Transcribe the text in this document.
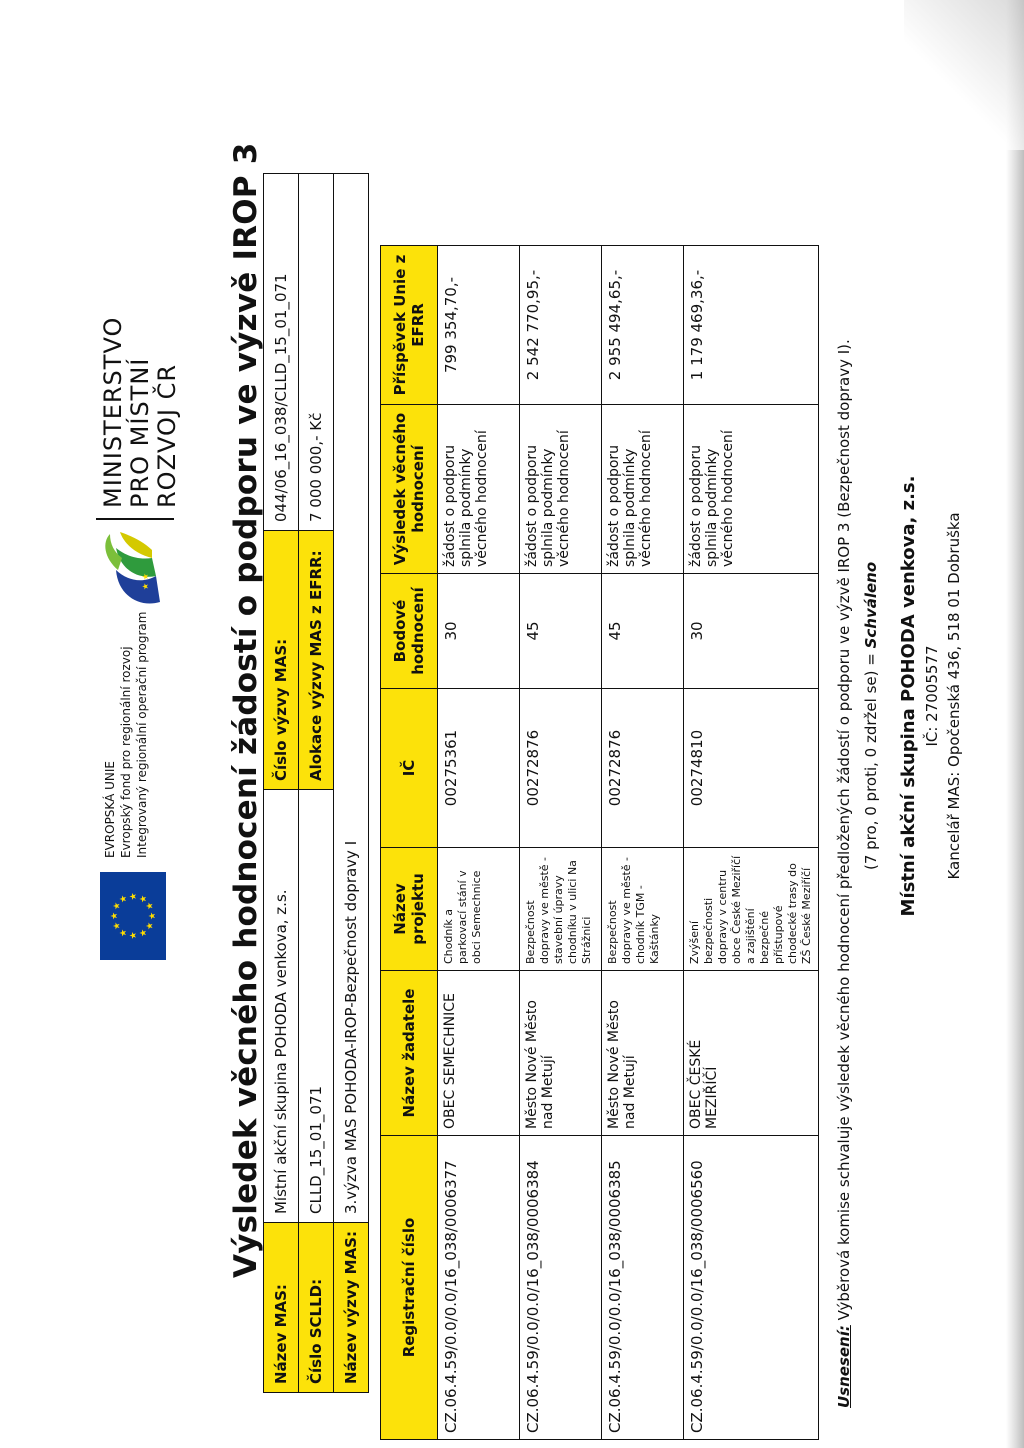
★
★
★ ★ ★
★
★
★
★
★
★
★
EVROPSKÁ UNIE Evropský fond pro regionální rozvoj Integrovaný regionální operační program
★ ★
MINISTERSTVO PRO MÍSTNÍ ROZVOJ ČR Výsledek věcného hodnocení žádostí o podporu ve výzvě IROP 3
Název MAS:	Místní akční skupina POHODA venkova, z.s.	Číslo výzvy MAS:	044/06_16_038/CLLD_15_01_071
Číslo SCLLD:	CLLD_15_01_071	Alokace výzvy MAS z EFRR:	7 000 000,- Kč
Název výzvy MAS:	3.výzva MAS POHODA-IROP-Bezpečnost dopravy I		
Registrační číslo	Název žadatele	Název projektu	IČ	Bodové hodnocení	Výsledek věcného hodnocení	Příspěvek Unie z EFRR
CZ.06.4.59/0.0/0.0/16_038/0006377	OBEC SEMECHNICE	Chodník a parkovací stání v obci Semechnice	00275361	30	žádost o podporu splnila podmínky věcného hodnocení	799 354,70,-
CZ.06.4.59/0.0/0.0/16_038/0006384	Město Nové Město nad Metují	Bezpečnost dopravy ve městě - stavební úpravy chodníku v ulici Na Strážnici	00272876	45	žádost o podporu splnila podmínky věcného hodnocení	2 542 770,95,-
CZ.06.4.59/0.0/0.0/16_038/0006385	Město Nové Město nad Metují	Bezpečnost dopravy ve městě - chodník TGM - Kaštánky	00272876	45	žádost o podporu splnila podmínky věcného hodnocení	2 955 494,65,-
CZ.06.4.59/0.0/0.0/16_038/0006560	OBEC ČESKÉ MEZIŘÍČÍ	Zvýšení bezpečnosti dopravy v centru obce České Meziříčí a zajištění bezpečné přístupové chodecké trasy do ZŠ České Meziříčí	00274810	30	žádost o podporu splnila podmínky věcného hodnocení	1 179 469,36,-
Usnesení: Výběrová komise schvaluje výsledek věcného hodnocení předložených žádostí o podporu ve výzvě IROP 3 (Bezpečnost dopravy I). (7 pro, 0 proti, 0 zdržel se) = Schváleno Místní akční skupina POHODA venkova, z.s. IČ: 27005577 Kancelář MAS: Opočenská 436, 518 01 Dobruška
